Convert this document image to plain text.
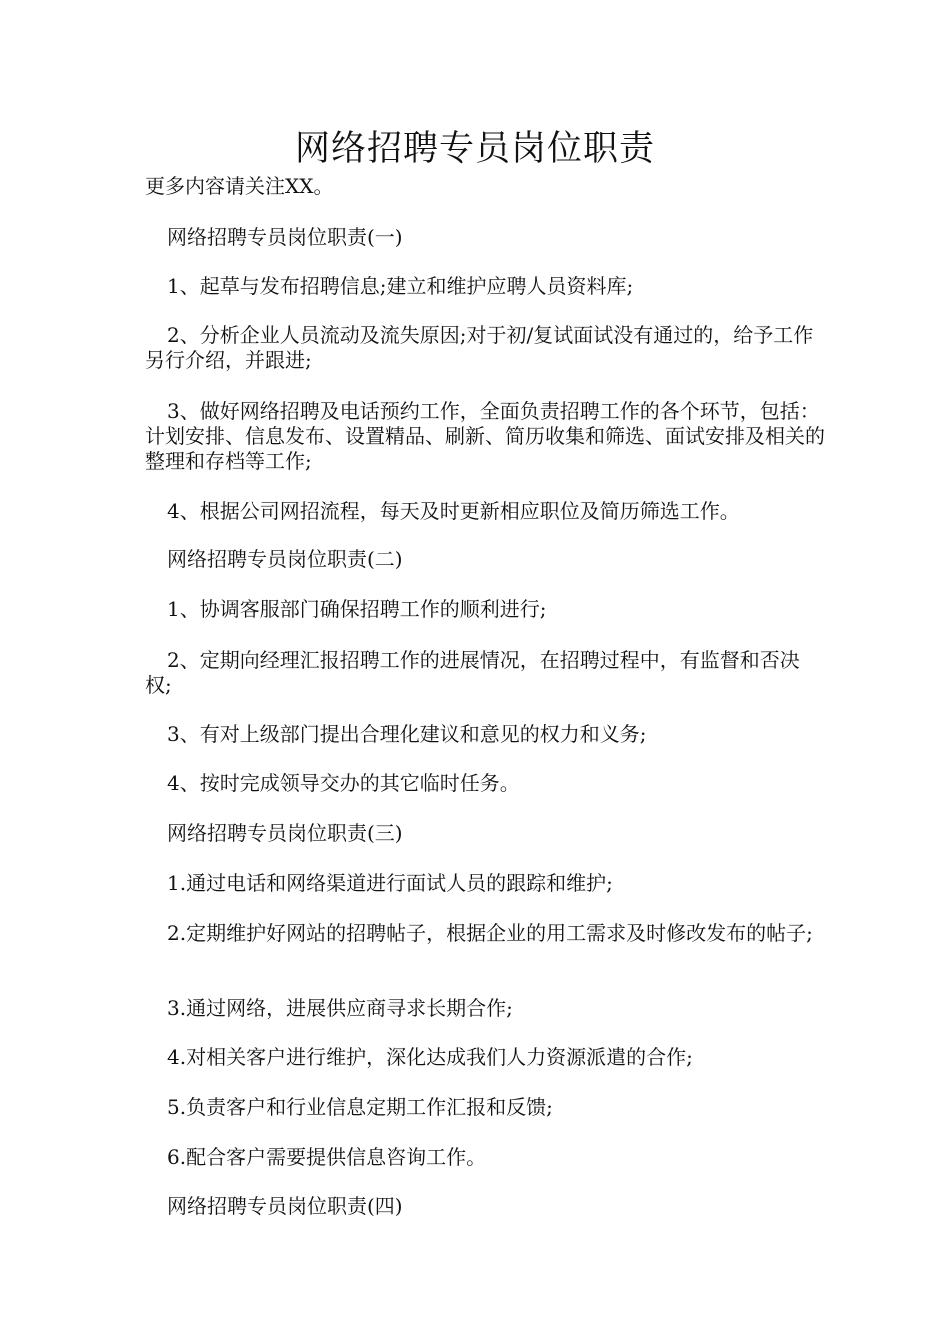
网络招聘专员岗位职责
更多内容请关注XX。
网络招聘专员岗位职责(一)
1、起草与发布招聘信息;建立和维护应聘人员资料库;
2、分析企业人员流动及流失原因;对于初/复试面试没有通过的，给予工作另行介绍，并跟进;
3、做好网络招聘及电话预约工作，全面负责招聘工作的各个环节，包括：计划安排、信息发布、设置精品、刷新、简历收集和筛选、面试安排及相关的整理和存档等工作;
4、根据公司网招流程，每天及时更新相应职位及简历筛选工作。
网络招聘专员岗位职责(二)
1、协调客服部门确保招聘工作的顺利进行;
2、定期向经理汇报招聘工作的进展情况，在招聘过程中，有监督和否决权;
3、有对上级部门提出合理化建议和意见的权力和义务;
4、按时完成领导交办的其它临时任务。
网络招聘专员岗位职责(三)
1.通过电话和网络渠道进行面试人员的跟踪和维护;
2.定期维护好网站的招聘帖子，根据企业的用工需求及时修改发布的帖子;
3.通过网络，进展供应商寻求长期合作;
4.对相关客户进行维护，深化达成我们人力资源派遣的合作;
5.负责客户和行业信息定期工作汇报和反馈;
6.配合客户需要提供信息咨询工作。
网络招聘专员岗位职责(四)
